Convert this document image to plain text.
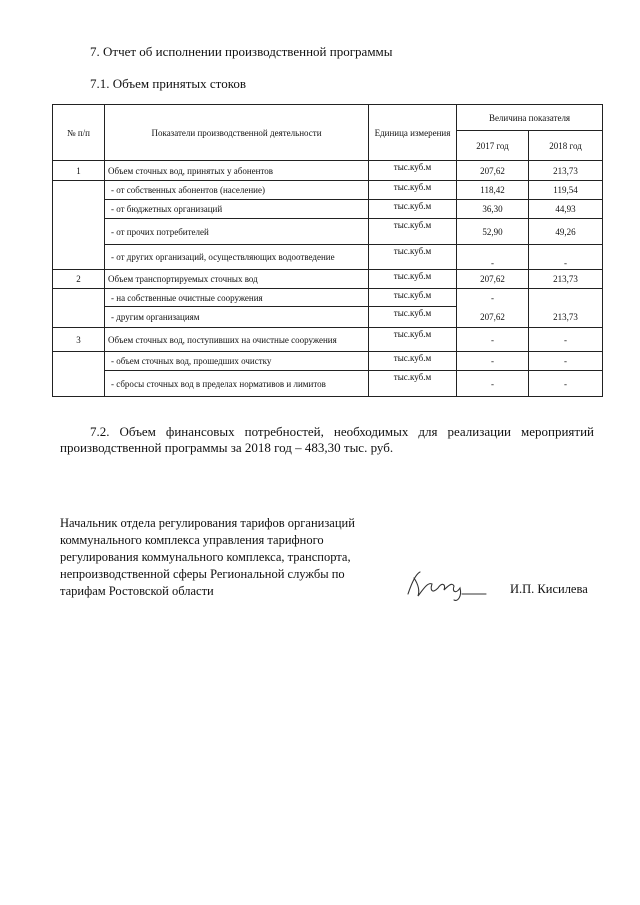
7. Отчет об исполнении производственной программы
7.1. Объем принятых стоков
№ п/п	Показатели производственной деятельности	Единица измерения	Величина показателя	
			2017 год	2018 год
1	Объем сточных вод, принятых у абонентов	тыс.куб.м	207,62	213,73
	- от собственных абонентов (население)	тыс.куб.м	118,42	119,54
	- от бюджетных организаций	тыс.куб.м	36,30	44,93
	- от прочих потребителей	тыс.куб.м	52,90	49,26
	- от других организаций, осуществляющих водоотведение	тыс.куб.м	-	-
2	Объем транспортируемых сточных вод	тыс.куб.м	207,62	213,73
	- на собственные очистные сооружения	тыс.куб.м	-	
	- другим организациям	тыс.куб.м	207,62	213,73
3	Объем сточных вод, поступивших на очистные сооружения	тыс.куб.м	-	-
	- объем сточных вод, прошедших очистку	тыс.куб.м	-	-
	- сбросы сточных вод в пределах нормативов и лимитов	тыс.куб.м	-	-
7.2. Объем финансовых потребностей, необходимых для реализации мероприятий производственной программы за 2018 год – 483,30 тыс. руб.
Начальник отдела регулирования тарифов организаций
коммунального комплекса управления тарифного
регулирования коммунального комплекса, транспорта,
непроизводственной сферы Региональной службы по
тарифам Ростовской области	И.П. Кисилева
